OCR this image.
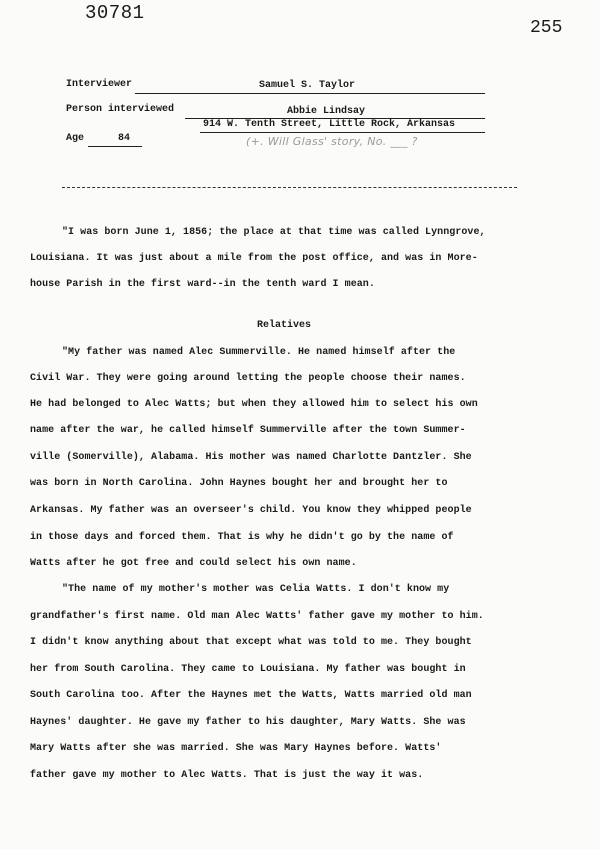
30781
255
Interviewer	Samuel S. Taylor
Person interviewed	Abbie Lindsay
914 W. Tenth Street, Little Rock, Arkansas
Age	84	(+. Will Glass' story, No. ___ ?
"I was born June 1, 1856; the place at that time was called Lynngrove,
Louisiana. It was just about a mile from the post office, and was in More-
house Parish in the first ward--in the tenth ward I mean.
Relatives
"My father was named Alec Summerville. He named himself after the
Civil War. They were going around letting the people choose their names.
He had belonged to Alec Watts; but when they allowed him to select his own
name after the war, he called himself Summerville after the town Summer-
ville (Somerville), Alabama. His mother was named Charlotte Dantzler. She
was born in North Carolina. John Haynes bought her and brought her to
Arkansas. My father was an overseer's child. You know they whipped people
in those days and forced them. That is why he didn't go by the name of
Watts after he got free and could select his own name.
"The name of my mother's mother was Celia Watts. I don't know my
grandfather's first name. Old man Alec Watts' father gave my mother to him.
I didn't know anything about that except what was told to me. They bought
her from South Carolina. They came to Louisiana. My father was bought in
South Carolina too. After the Haynes met the Watts, Watts married old man
Haynes' daughter. He gave my father to his daughter, Mary Watts. She was
Mary Watts after she was married. She was Mary Haynes before. Watts'
father gave my mother to Alec Watts. That is just the way it was.
